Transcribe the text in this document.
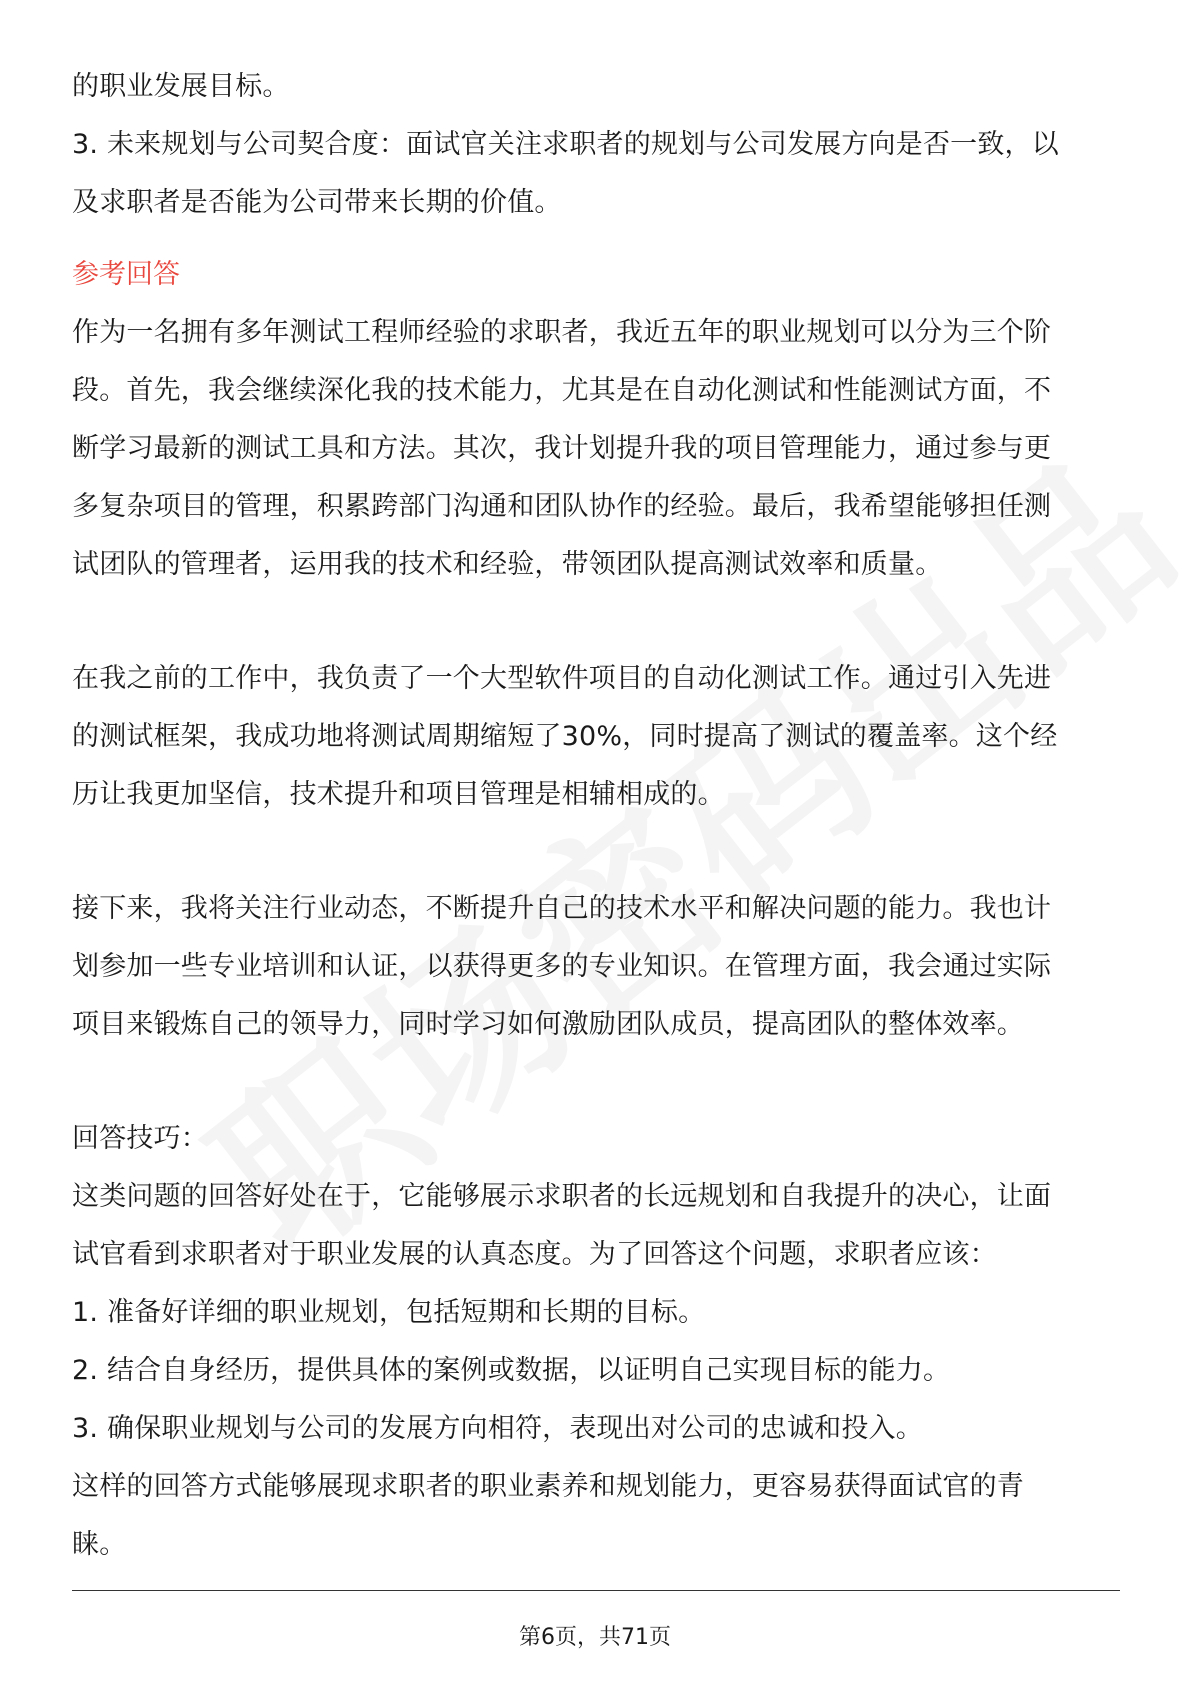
的职业发展目标。
3. 未来规划与公司契合度：面试官关注求职者的规划与公司发展方向是否一致，以
及求职者是否能为公司带来长期的价值。
参考回答
作为一名拥有多年测试工程师经验的求职者，我近五年的职业规划可以分为三个阶
段。首先，我会继续深化我的技术能力，尤其是在自动化测试和性能测试方面，不
断学习最新的测试工具和方法。其次，我计划提升我的项目管理能力，通过参与更
多复杂项目的管理，积累跨部门沟通和团队协作的经验。最后，我希望能够担任测
试团队的管理者，运用我的技术和经验，带领团队提高测试效率和质量。
在我之前的工作中，我负责了一个大型软件项目的自动化测试工作。通过引入先进
的测试框架，我成功地将测试周期缩短了30%，同时提高了测试的覆盖率。这个经
历让我更加坚信，技术提升和项目管理是相辅相成的。
接下来，我将关注行业动态，不断提升自己的技术水平和解决问题的能力。我也计
划参加一些专业培训和认证，以获得更多的专业知识。在管理方面，我会通过实际
项目来锻炼自己的领导力，同时学习如何激励团队成员，提高团队的整体效率。
回答技巧：
这类问题的回答好处在于，它能够展示求职者的长远规划和自我提升的决心，让面
试官看到求职者对于职业发展的认真态度。为了回答这个问题，求职者应该：
1. 准备好详细的职业规划，包括短期和长期的目标。
2. 结合自身经历，提供具体的案例或数据，以证明自己实现目标的能力。
3. 确保职业规划与公司的发展方向相符，表现出对公司的忠诚和投入。
这样的回答方式能够展现求职者的职业素养和规划能力，更容易获得面试官的青
睐。
第6页，共71页
